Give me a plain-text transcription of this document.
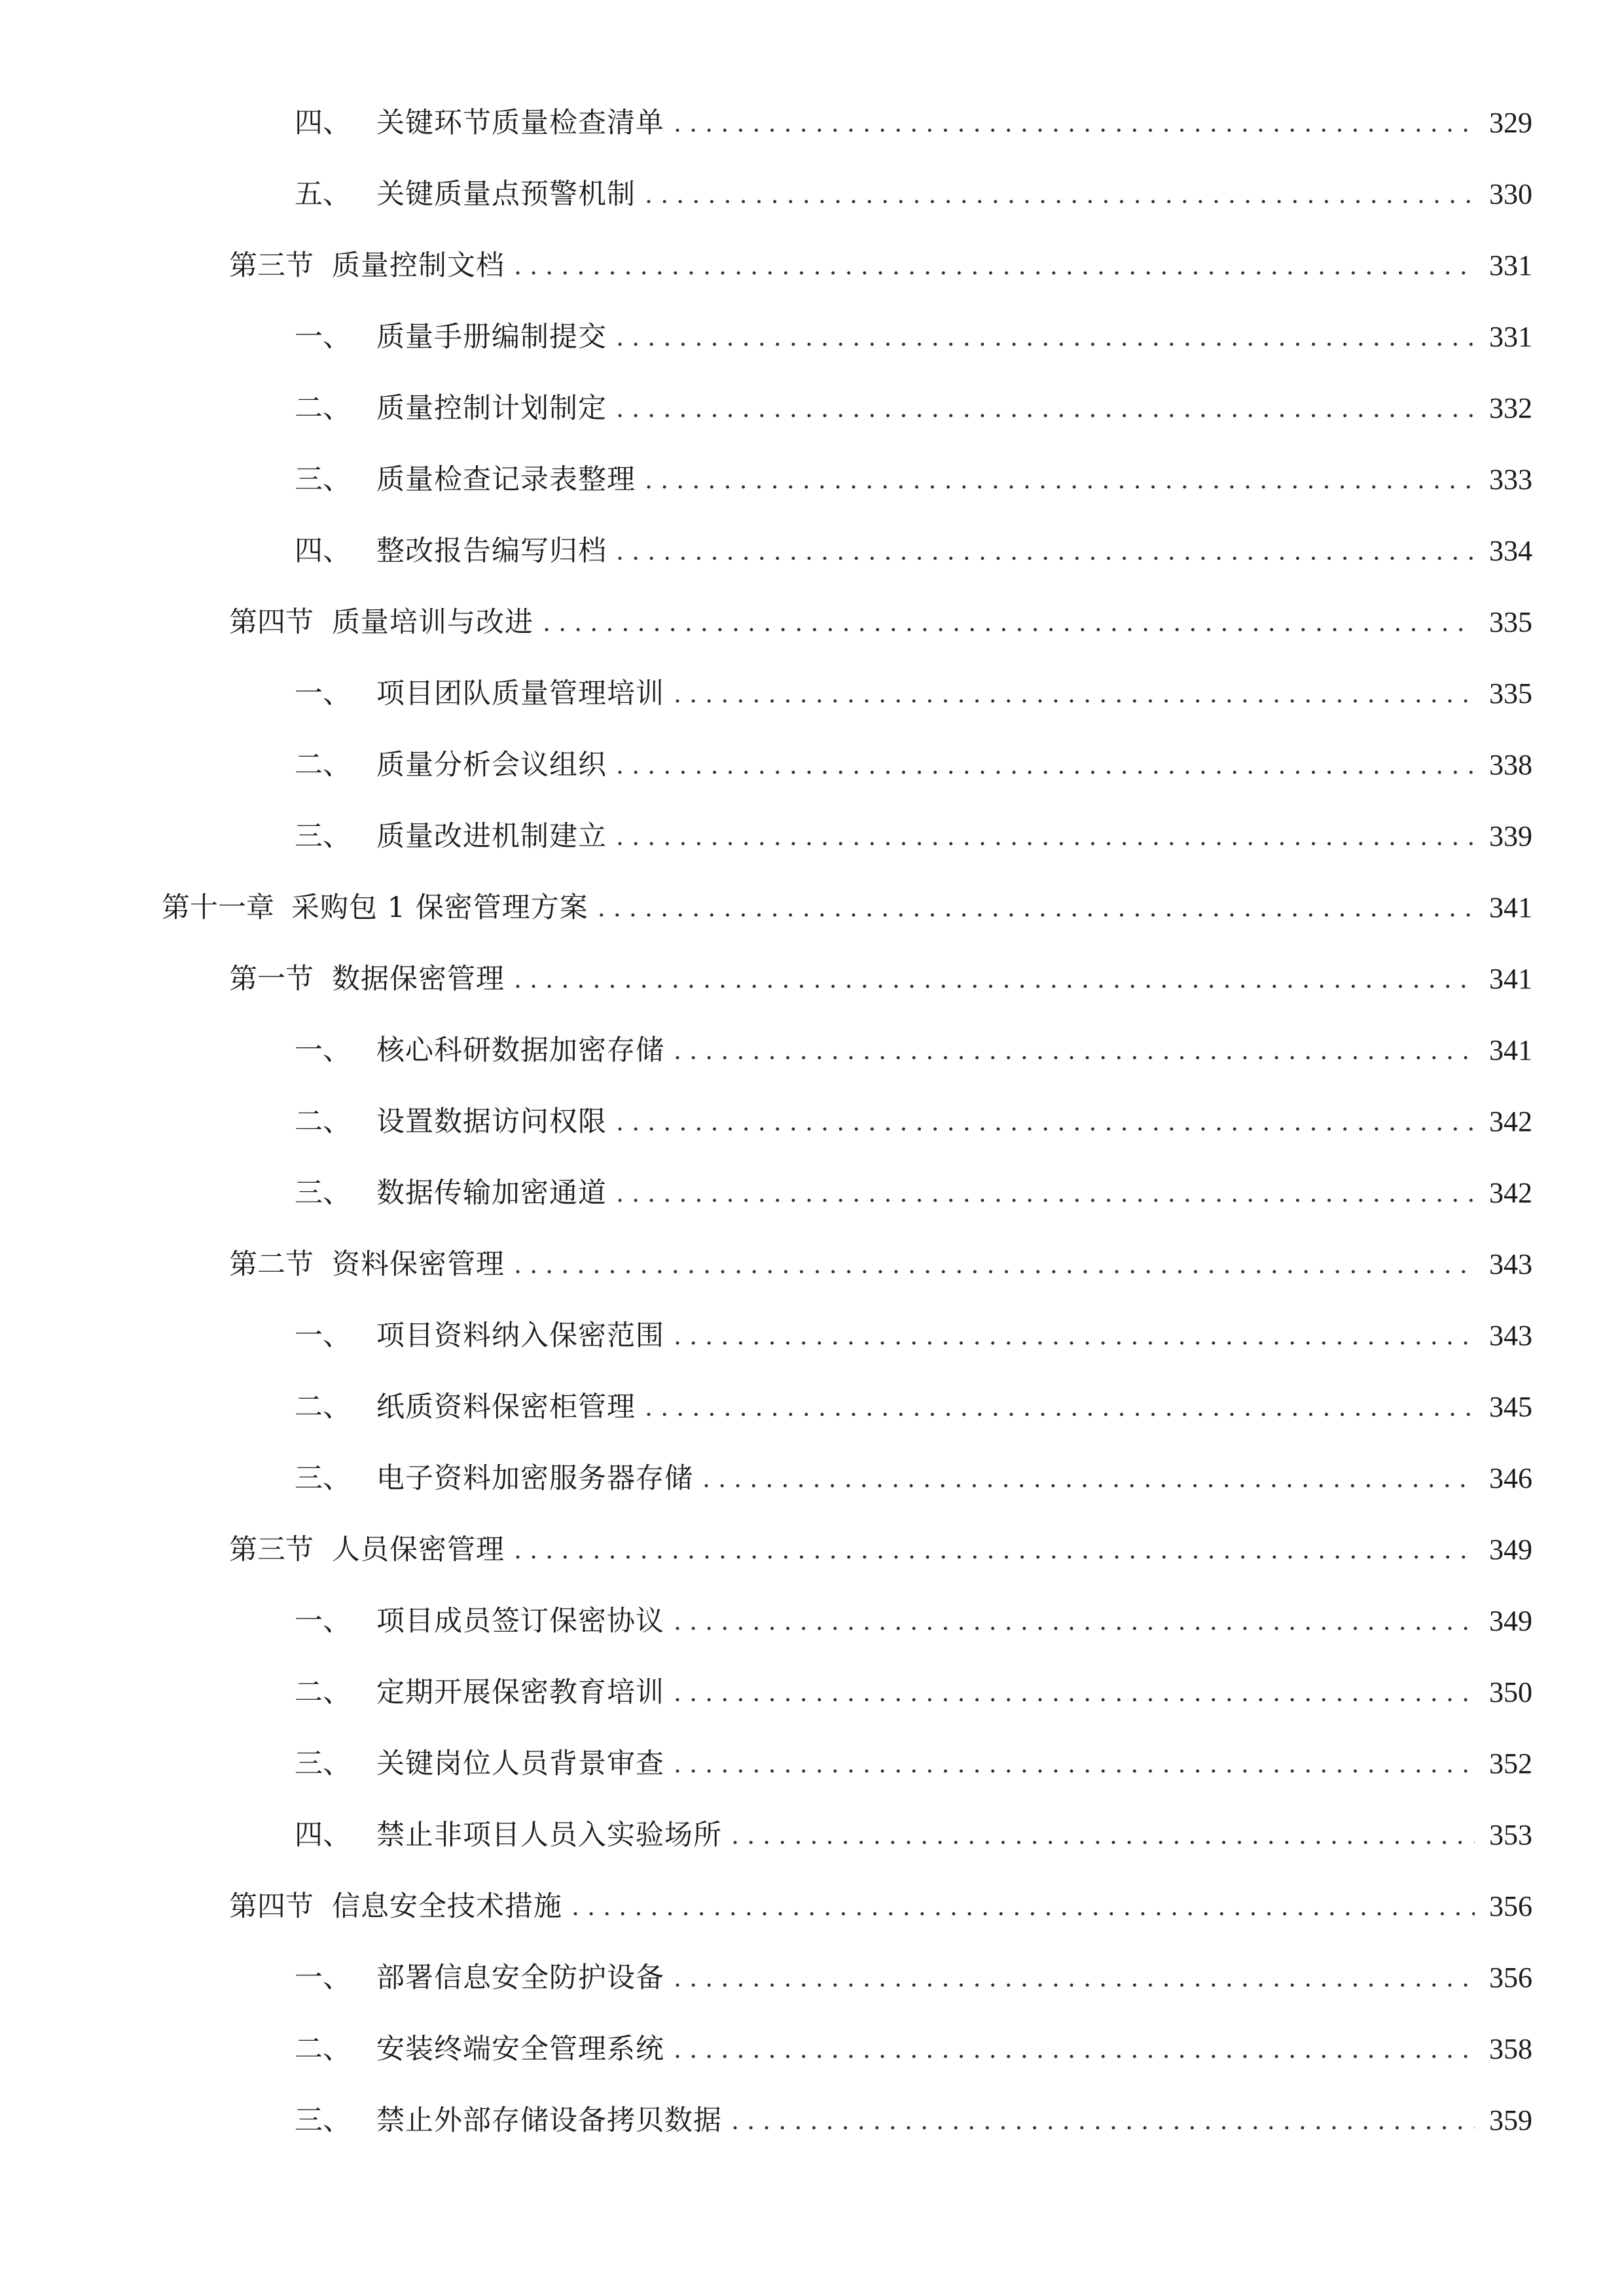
四、 关键环节质量检查清单 .....	329
五、 关键质量点预警机制 .....	330
第三节 质量控制文档 .....	331
一、 质量手册编制提交 .....	331
二、 质量控制计划制定 .....	332
三、 质量检查记录表整理 .....	333
四、 整改报告编写归档 .....	334
第四节 质量培训与改进 .....	335
一、 项目团队质量管理培训 .....	335
二、 质量分析会议组织 .....	338
三、 质量改进机制建立 .....	339
第十一章 采购包 1 保密管理方案 .....	341
第一节 数据保密管理 .....	341
一、 核心科研数据加密存储 .....	341
二、 设置数据访问权限 .....	342
三、 数据传输加密通道 .....	342
第二节 资料保密管理 .....	343
一、 项目资料纳入保密范围 .....	343
二、 纸质资料保密柜管理 .....	345
三、 电子资料加密服务器存储 .....	346
第三节 人员保密管理 .....	349
一、 项目成员签订保密协议 .....	349
二、 定期开展保密教育培训 .....	350
三、 关键岗位人员背景审查 .....	352
四、 禁止非项目人员入实验场所 .....	353
第四节 信息安全技术措施 .....	356
一、 部署信息安全防护设备 .....	356
二、 安装终端安全管理系统 .....	358
三、 禁止外部存储设备拷贝数据 .....	359
